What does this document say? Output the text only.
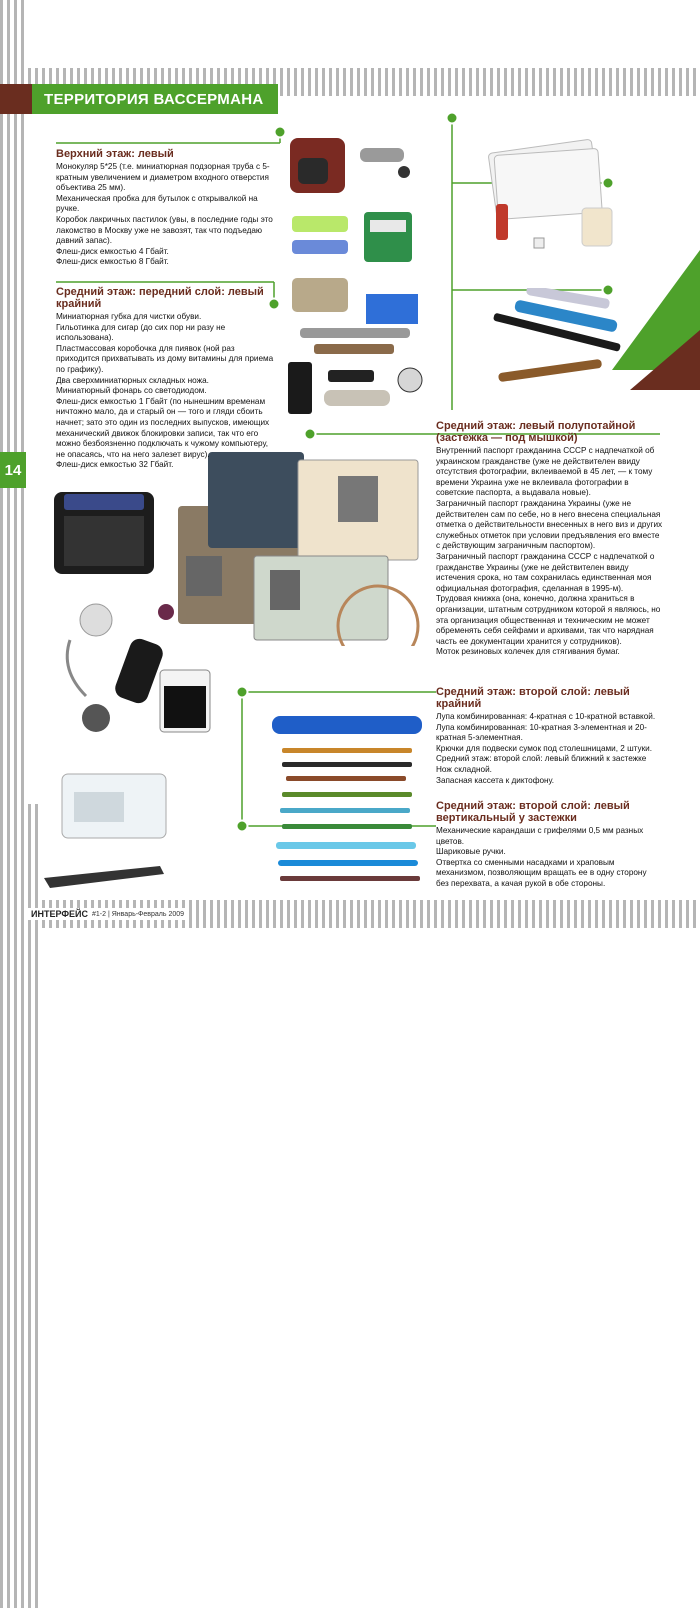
ТЕРРИТОРИЯ ВАССЕРМАНА
14
Верхний этаж: левый

Монокуляр 5*25 (т.е. миниатюрная подзорная труба с 5-кратным увеличением и диаметром входного отверстия объектива 25 мм).
Механическая пробка для бутылок с открывалкой на ручке.
Коробок лакричных пастилок (увы, в последние годы это лакомство в Москву уже не завозят, так что подъедаю давний запас).
Флеш-диск емкостью 4 Гбайт.
Флеш-диск емкостью 8 Гбайт.

Средний этаж: передний слой: левый крайний

Миниатюрная губка для чистки обуви.
Гильотинка для сигар (до сих пор ни разу не использована).
Пластмассовая коробочка для пиявок (ной раз приходится прихватывать из дому витамины для приема по графику).
Два сверхминиатюрных складных ножа.
Миниатюрный фонарь со светодиодом.
Флеш-диск емкостью 1 Гбайт (по нынешним временам ничтожно мало, да и старый он — того и гляди сбоить начнет; зато это один из последних выпусков, имеющих механический движок блокировки записи, так что его можно безбоязненно подключать к чужому компьютеру, не опасаясь, что на него залезет вирус).
Флеш-диск емкостью 32 Гбайт.

Средний этаж: левый полупотайной (застежка — под мышкой)

Внутренний паспорт гражданина СССР с надпечаткой об украинском гражданстве (уже не действителен ввиду отсутствия фотографии, вклеиваемой в 45 лет, — к тому времени Украина уже не вклеивала фотографии в советские паспорта, а выдавала новые).
Заграничный паспорт гражданина Украины (уже не действителен сам по себе, но в него внесена специальная отметка о действительности внесенных в него виз и других служебных отметок при условии предъявления его вместе с действующим заграничным паспортом).
Заграничный паспорт гражданина СССР с надпечаткой о гражданстве Украины (уже не действителен ввиду истечения срока, но там сохранилась единственная моя официальная фотография, сделанная в 1995-м).
Трудовая книжка (она, конечно, должна храниться в организации, штатным сотрудником которой я являюсь, но эта организация общественная и техническим не может обременять себя сейфами и архивами, так что нарядная часть ее документации хранится у сотрудников).
Моток резиновых колечек для стягивания бумаг.

Средний этаж: второй слой: левый крайний

Лупа комбинированная: 4-кратная с 10-кратной вставкой.
Лупа комбинированная: 10-кратная 3-элементная и 20-кратная 5-элементная.
Крючки для подвески сумок под столешницами, 2 штуки.
Средний этаж: второй слой: левый ближний к застежке
Нож складной.
Запасная кассета к диктофону.

Средний этаж: второй слой: левый вертикальный у застежки

Механические карандаши с грифелями 0,5 мм разных цветов.
Шариковые ручки.
Отвертка со сменными насадками и храповым механизмом, позволяющим вращать ее в одну сторону без перехвата, а качая рукой в обе стороны.

ИНТЕРФЕЙС #1-2 | Январь-Февраль 2009
